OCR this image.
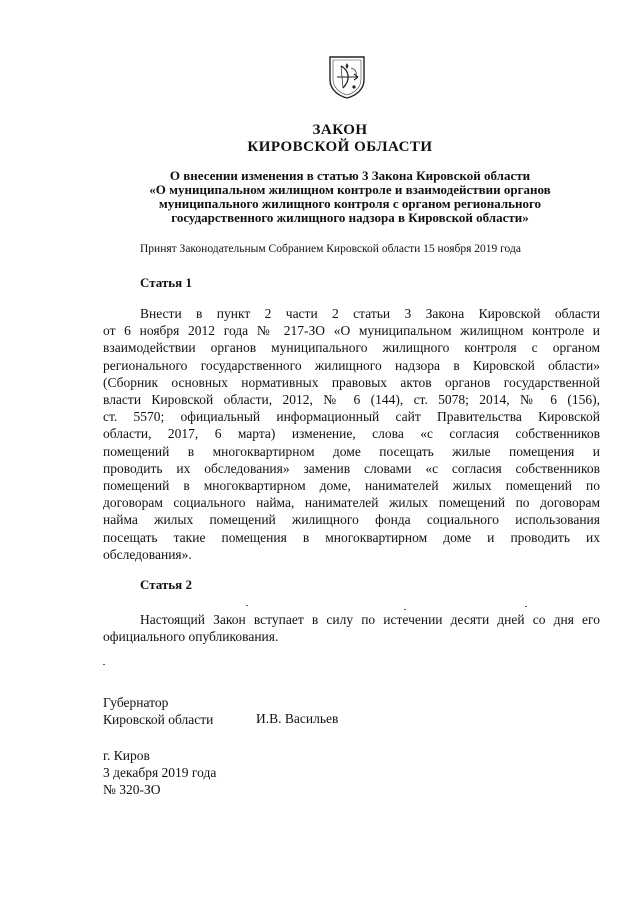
ЗАКОН
КИРОВСКОЙ ОБЛАСТИ
О внесении изменения в статью 3 Закона Кировской области
«О муниципальном жилищном контроле и взаимодействии органов
муниципального жилищного контроля с органом регионального
государственного жилищного надзора в Кировской области»
Принят Законодательным Собранием Кировской области 15 ноября 2019 года
Статья 1
Внести в пункт 2 части 2 статьи 3 Закона Кировской области
от 6 ноября 2012 года № 217-ЗО «О муниципальном жилищном контроле и
взаимодействии органов муниципального жилищного контроля с органом
регионального государственного жилищного надзора в Кировской области»
(Сборник основных нормативных правовых актов органов государственной
власти Кировской области, 2012, № 6 (144), ст. 5078; 2014, № 6 (156),
ст. 5570; официальный информационный сайт Правительства Кировской
области, 2017, 6 марта) изменение, слова «с согласия собственников
помещений в многоквартирном доме посещать жилые помещения и
проводить их обследования» заменив словами «с согласия собственников
помещений в многоквартирном доме, нанимателей жилых помещений по
договорам социального найма, нанимателей жилых помещений по договорам
найма жилых помещений жилищного фонда социального использования
посещать такие помещения в многоквартирном доме и проводить их
обследования».
Статья 2
Настоящий Закон вступает в силу по истечении десяти дней со дня его
официального опубликования.
Губернатор
Кировской области	И.В. Васильев
г. Киров
3 декабря 2019 года
№ 320-ЗО
